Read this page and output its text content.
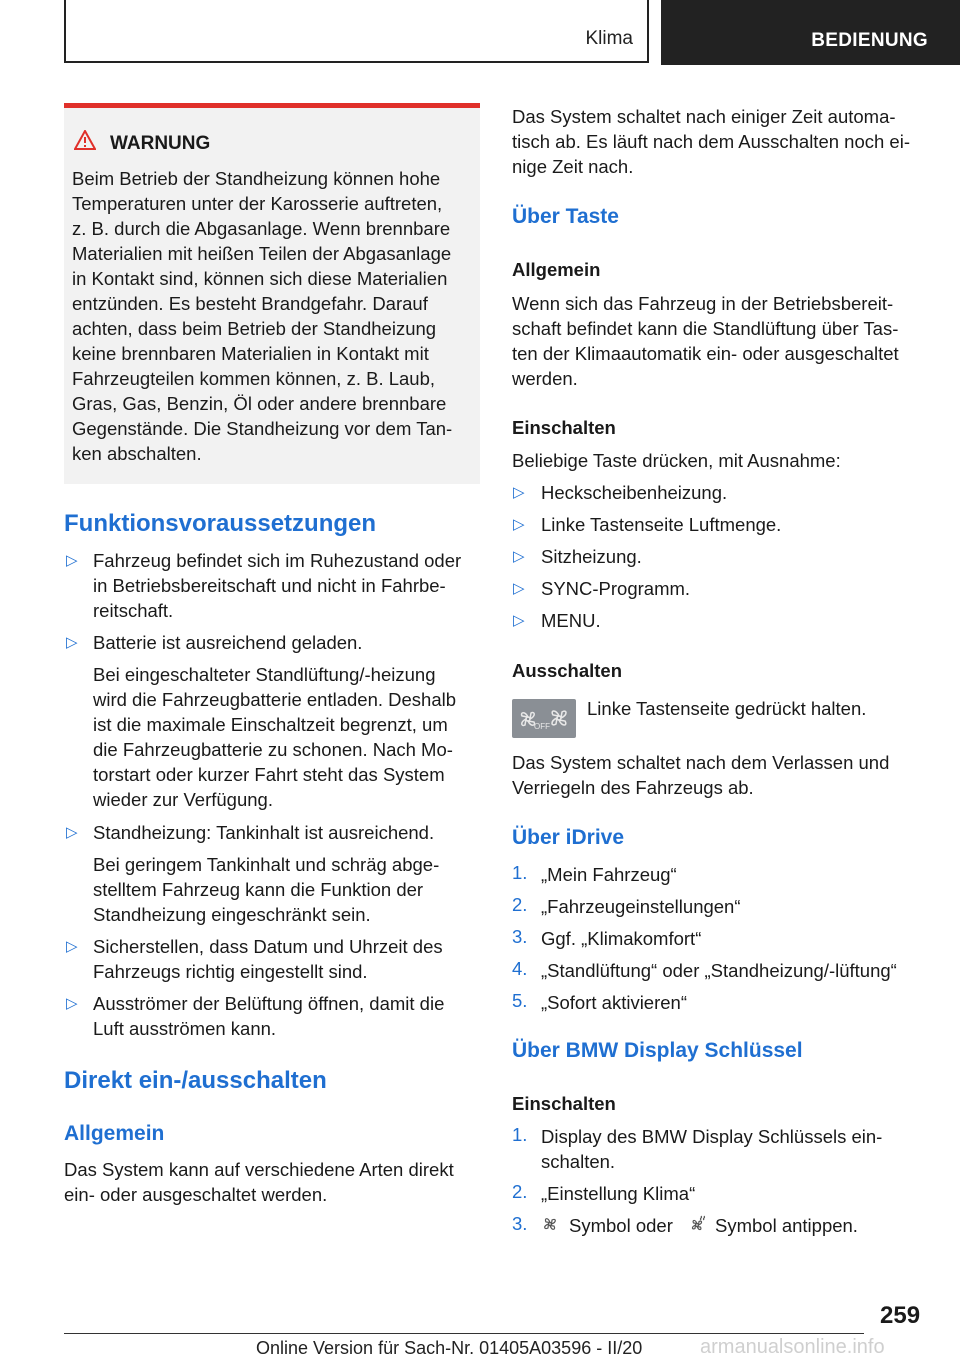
Klima	BEDIENUNG
WARNUNG

Beim Betrieb der Standheizung können hohe

Temperaturen unter der Karosserie auftreten,

z. B. durch die Abgasanlage. Wenn brennbare

Materialien mit heißen Teilen der Abgasanlage

in Kontakt sind, können sich diese Materialien

entzünden. Es besteht Brandgefahr. Darauf

achten, dass beim Betrieb der Standheizung

keine brennbaren Materialien in Kontakt mit

Fahrzeugteilen kommen können, z. B. Laub,

Gras, Gas, Benzin, Öl oder andere brennbare

Gegenstände. Die Standheizung vor dem Tan-

ken abschalten.

Funktionsvoraussetzungen
▷ Fahrzeug befindet sich im Ruhezustand oder
in Betriebsbereitschaft und nicht in Fahrbe-
reitschaft.
▷ Batterie ist ausreichend geladen.
Bei eingeschalteter Standlüftung/-heizung
wird die Fahrzeugbatterie entladen. Deshalb
ist die maximale Einschaltzeit begrenzt, um
die Fahrzeugbatterie zu schonen. Nach Mo-
torstart oder kurzer Fahrt steht das System
wieder zur Verfügung.
▷ Standheizung: Tankinhalt ist ausreichend.
Bei geringem Tankinhalt und schräg abge-
stelltem Fahrzeug kann die Funktion der
Standheizung eingeschränkt sein.
▷ Sicherstellen, dass Datum und Uhrzeit des
Fahrzeugs richtig eingestellt sind.
▷ Ausströmer der Belüftung öffnen, damit die
Luft ausströmen kann.
Direkt ein-/ausschalten
Allgemein
Das System kann auf verschiedene Arten direkt
ein- oder ausgeschaltet werden.
Das System schaltet nach einiger Zeit automa-
tisch ab. Es läuft nach dem Ausschalten noch ei-
nige Zeit nach.
Über Taste
Allgemein
Wenn sich das Fahrzeug in der Betriebsbereit-
schaft befindet kann die Standlüftung über Tas-
ten der Klimaautomatik ein- oder ausgeschaltet
werden.
Einschalten
Beliebige Taste drücken, mit Ausnahme:
▷ Heckscheibenheizung.
▷ Linke Tastenseite Luftmenge.
▷ Sitzheizung.
▷ SYNC-Programm.
▷ MENU.
Ausschalten
OFF
Linke Tastenseite gedrückt halten.
Das System schaltet nach dem Verlassen und
Verriegeln des Fahrzeugs ab.
Über iDrive
1. „Mein Fahrzeug“
2. „Fahrzeugeinstellungen“
3. Ggf. „Klimakomfort“
4. „Standlüftung“ oder „Standheizung/-lüftung“
5. „Sofort aktivieren“
Über BMW Display Schlüssel
Einschalten
1. Display des BMW Display Schlüssels ein-
schalten.
2. „Einstellung Klima“
3. Symbol oder Symbol antippen.
259
Online Version für Sach-Nr. 01405A03596 - II/20	armanualsonline.info
